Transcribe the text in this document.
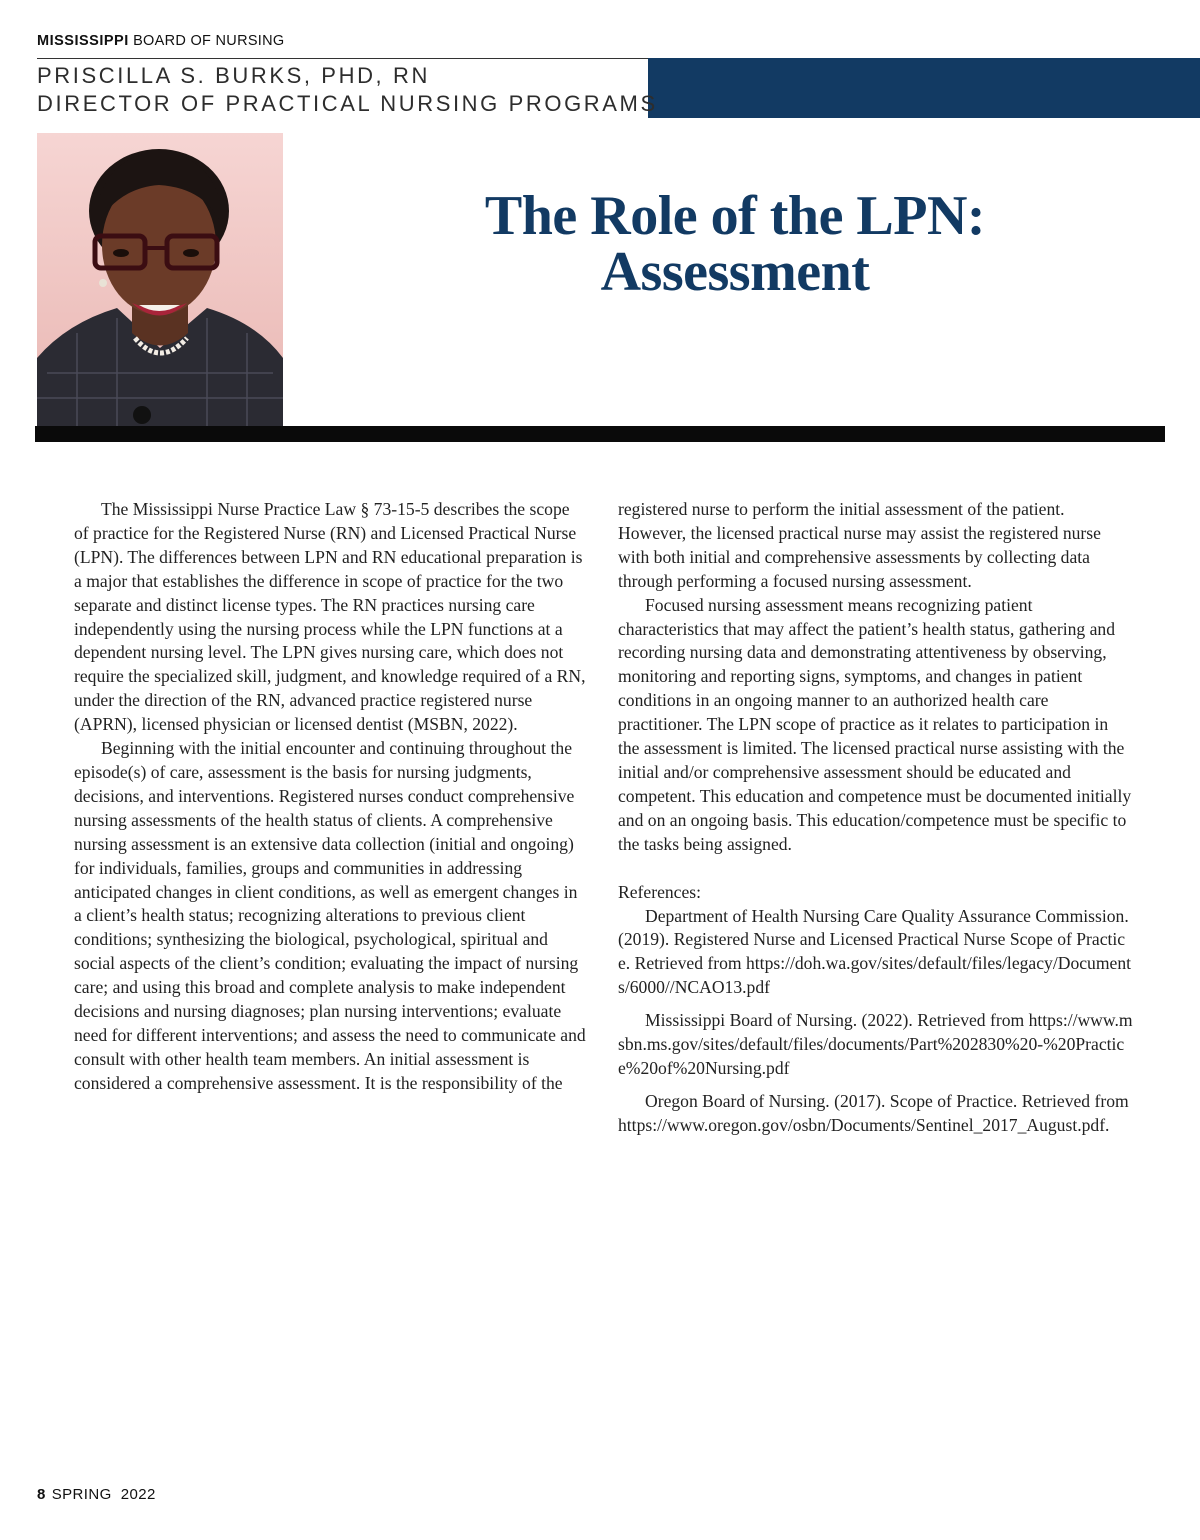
MISSISSIPPI BOARD OF NURSING
PRISCILLA S. BURKS, PHD, RN
DIRECTOR OF PRACTICAL NURSING PROGRAMS
The Role of the LPN:
Assessment

The Mississippi Nurse Practice Law § 73-15-5 describes the scope of practice for the Registered Nurse (RN) and Licensed Practical Nurse (LPN). The differences between LPN and RN educational preparation is a major that establishes the difference in scope of practice for the two separate and distinct license types. The RN practices nursing care independently using the nursing process while the LPN functions at a dependent nursing level. The LPN gives nursing care, which does not require the specialized skill, judgment, and knowledge required of a RN, under the direction of the RN, advanced practice registered nurse (APRN), licensed physician or licensed dentist (MSBN, 2022).

Beginning with the initial encounter and continuing throughout the episode(s) of care, assessment is the basis for nursing judgments, decisions, and interventions. Registered nurses conduct comprehensive nursing assessments of the health status of clients. A comprehensive nursing assessment is an extensive data collection (initial and ongoing) for individuals, families, groups and communities in addressing anticipated changes in client conditions, as well as emergent changes in a client’s health status; recognizing alterations to previous client conditions; synthesizing the biological, psychological, spiritual and social aspects of the client’s condition; evaluating the impact of nursing care; and using this broad and complete analysis to make independent decisions and nursing diagnoses; plan nursing interventions; evaluate need for different interventions; and assess the need to communicate and consult with other health team members. An initial assessment is considered a comprehensive assessment. It is the responsibility of the

registered nurse to perform the initial assessment of the patient. However, the licensed practical nurse may assist the registered nurse with both initial and comprehensive assessments by collecting data through performing a focused nursing assessment.

Focused nursing assessment means recognizing patient characteristics that may affect the patient’s health status, gathering and recording nursing data and demonstrating attentiveness by observing, monitoring and reporting signs, symptoms, and changes in patient conditions in an ongoing manner to an authorized health care practitioner. The LPN scope of practice as it relates to participation in the assessment is limited. The licensed practical nurse assisting with the initial and/or comprehensive assessment should be educated and competent. This education and competence must be documented initially and on an ongoing basis. This education/competence must be specific to the tasks being assigned.

References:

Department of Health Nursing Care Quality Assurance Commission. (2019). Registered Nurse and Licensed Practical Nurse Scope of Practice. Retrieved from https://doh.wa.gov/sites/default/files/legacy/Documents/6000//NCAO13.pdf

Mississippi Board of Nursing. (2022). Retrieved from https://www.msbn.ms.gov/sites/default/files/documents/Part%202830%20-%20Practice%20of%20Nursing.pdf

Oregon Board of Nursing. (2017). Scope of Practice. Retrieved from https://www.oregon.gov/osbn/Documents/Sentinel_2017_August.pdf.

8 SPRING  2022
